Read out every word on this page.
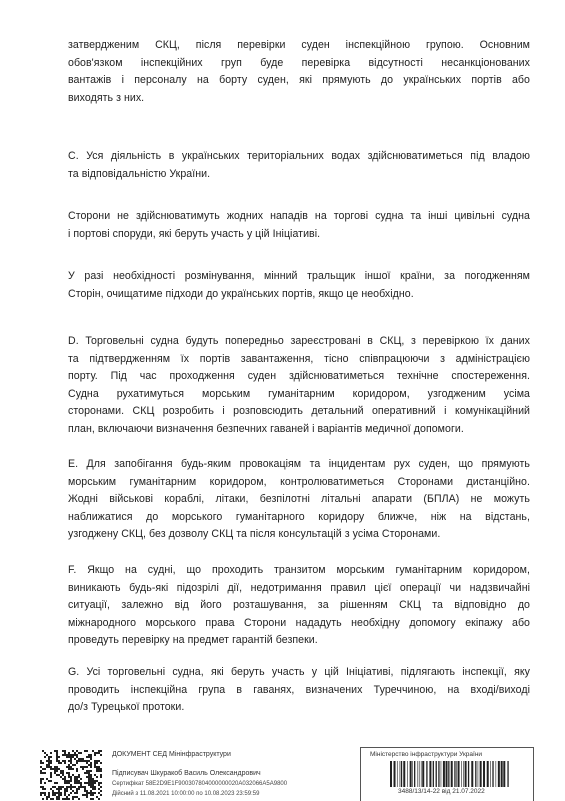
затвердженим СКЦ, після перевірки суден інспекційною групою. Основним
обов'язком інспекційних груп буде перевірка відсутності несанкціонованих
вантажів і персоналу на борту суден, які прямують до українських портів або
виходять з них.
C. Уся діяльність в українських територіальних водах здійснюватиметься під владою
та відповідальністю України.
Сторони не здійснюватимуть жодних нападів на торгові судна та інші цивільні судна
і портові споруди, які беруть участь у цій Ініціативі.
У разі необхідності розмінування, мінний тральщик іншої країни, за погодженням
Сторін, очищатиме підходи до українських портів, якщо це необхідно.
D. Торговельні судна будуть попередньо зареєстровані в СКЦ, з перевіркою їх даних
та підтвердженням їх портів завантаження, тісно співпрацюючи з адміністрацією
порту. Під час проходження суден здійснюватиметься технічне спостереження.
Судна рухатимуться морським гуманітарним коридором, узгодженим усіма
сторонами. СКЦ розробить і розповсюдить детальний оперативний і комунікаційний
план, включаючи визначення безпечних гаваней і варіантів медичної допомоги.
E. Для запобігання будь-яким провокаціям та інцидентам рух суден, що прямують
морським гуманітарним коридором, контролюватиметься Сторонами дистанційно.
Жодні військові кораблі, літаки, безпілотні літальні апарати (БПЛА) не можуть
наближатися до морського гуманітарного коридору ближче, ніж на відстань,
узгоджену СКЦ, без дозволу СКЦ та після консультацій з усіма Сторонами.
F. Якщо на судні, що проходить транзитом морським гуманітарним коридором,
виникають будь-які підозрілі дії, недотримання правил цієї операції чи надзвичайні
ситуації, залежно від його розташування, за рішенням СКЦ та відповідно до
міжнародного морського права Сторони нададуть необхідну допомогу екіпажу або
проведуть перевірку на предмет гарантій безпеки.
G. Усі торговельні судна, які беруть участь у цій Ініціативі, підлягають інспекції, яку
проводить інспекційна група в гаванях, визначених Туреччиною, на вході/виході
до/з Турецької протоки.
ДОКУМЕНТ СЕД Мінінфраструктури
Підписувач Шкуракоб Василь Олександрович
Сертифікат 58E2D9E1F900307804000000020A032066A5A9800
Дійсний з 11.08.2021 10:00:00 по 10.08.2023 23:59:59
Міністерство інфраструктури України
3488/13/14-22 від 21.07.2022
